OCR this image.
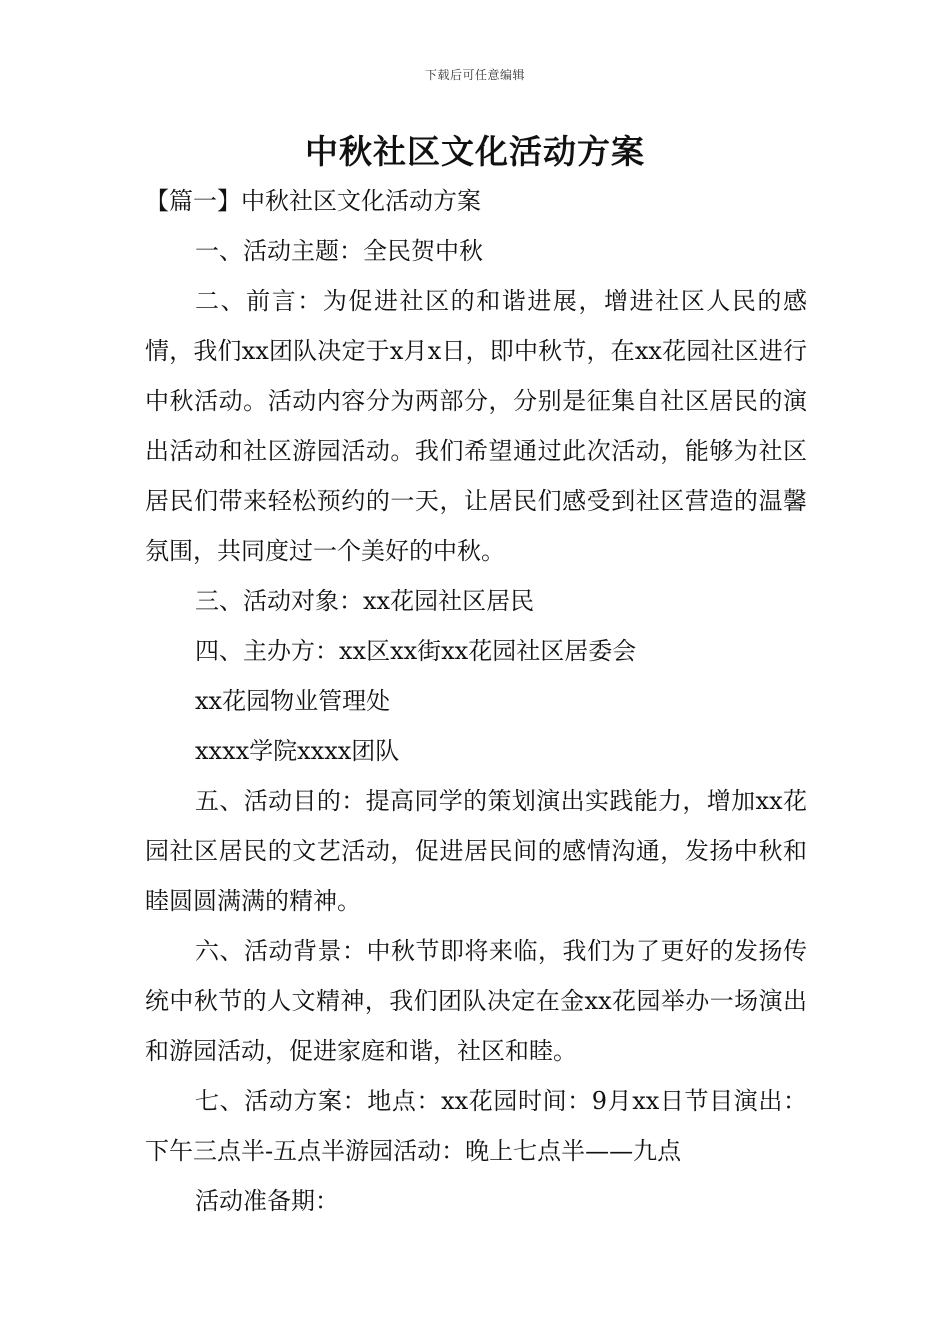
下载后可任意编辑
中秋社区文化活动方案

【篇一】中秋社区文化活动方案

一、活动主题：全民贺中秋

二、前言：为促进社区的和谐进展，增进社区人民的感情，我们xx团队决定于x月x日，即中秋节，在xx花园社区进行中秋活动。活动内容分为两部分，分别是征集自社区居民的演出活动和社区游园活动。我们希望通过此次活动，能够为社区居民们带来轻松预约的一天，让居民们感受到社区营造的温馨氛围，共同度过一个美好的中秋。

三、活动对象：xx花园社区居民

四、主办方：xx区xx街xx花园社区居委会

xx花园物业管理处

xxxx学院xxxx团队

五、活动目的：提高同学的策划演出实践能力，增加xx花园社区居民的文艺活动，促进居民间的感情沟通，发扬中秋和睦圆圆满满的精神。

六、活动背景：中秋节即将来临，我们为了更好的发扬传统中秋节的人文精神，我们团队决定在金xx花园举办一场演出和游园活动，促进家庭和谐，社区和睦。

七、活动方案：地点：xx花园时间：9月xx日节目演出：下午三点半-五点半游园活动：晚上七点半——九点

活动准备期：
